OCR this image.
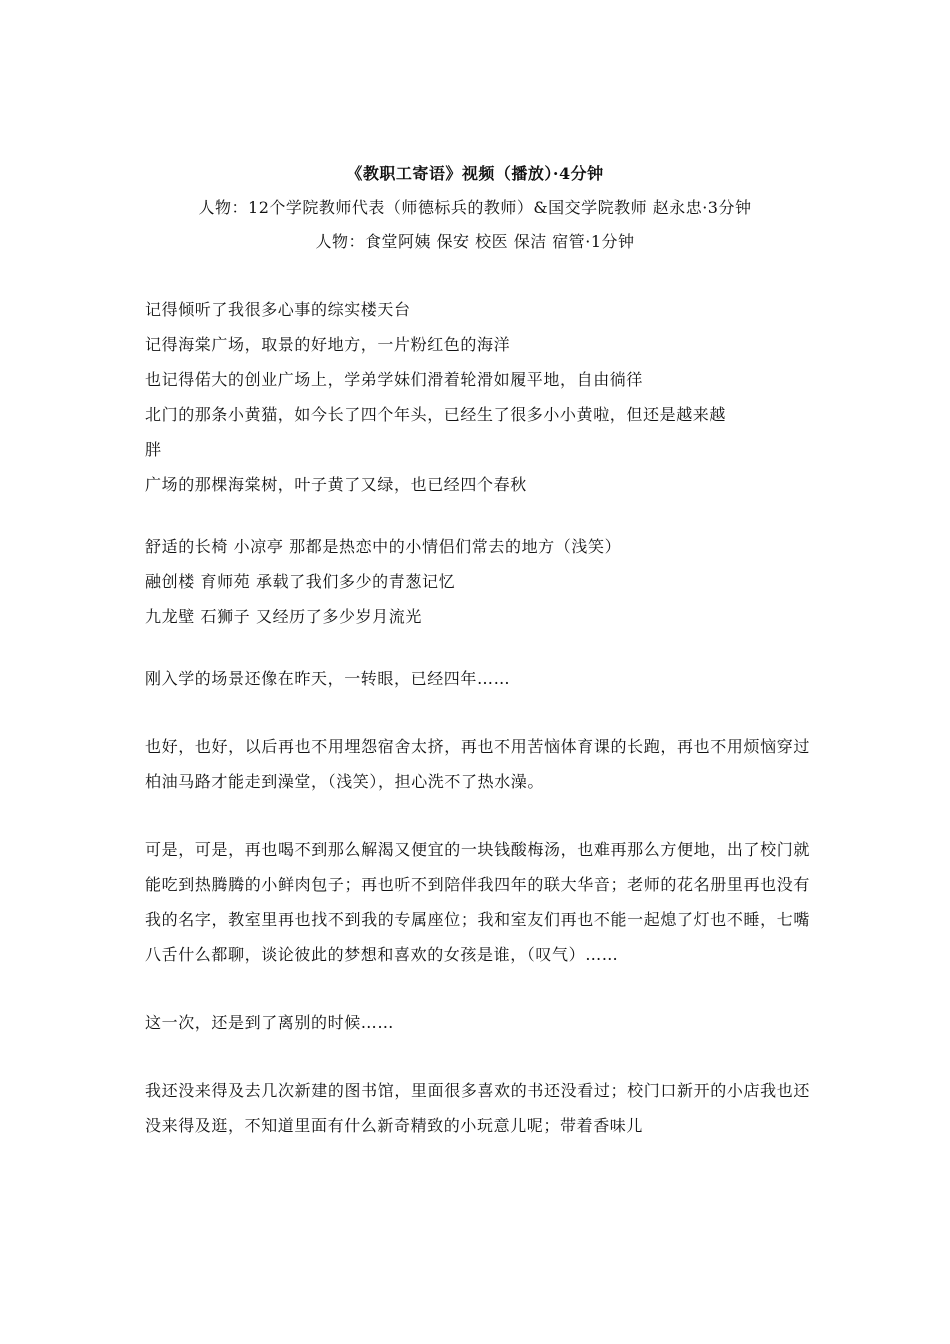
《教职工寄语》视频（播放）·4分钟
人物：12个学院教师代表（师德标兵的教师）&国交学院教师 赵永忠·3分钟
人物：食堂阿姨 保安 校医 保洁 宿管·1分钟
记得倾听了我很多心事的综实楼天台
记得海棠广场，取景的好地方，一片粉红色的海洋
也记得偌大的创业广场上，学弟学妹们滑着轮滑如履平地，自由徜徉
北门的那条小黄猫，如今长了四个年头，已经生了很多小小黄啦，但还是越来越
胖
广场的那棵海棠树，叶子黄了又绿，也已经四个春秋
舒适的长椅 小凉亭 那都是热恋中的小情侣们常去的地方（浅笑）
融创楼 育师苑 承载了我们多少的青葱记忆
九龙壁 石狮子 又经历了多少岁月流光
刚入学的场景还像在昨天，一转眼，已经四年……
也好，也好，以后再也不用埋怨宿舍太挤，再也不用苦恼体育课的长跑，再也不用烦恼穿过柏油马路才能走到澡堂，（浅笑），担心洗不了热水澡。
可是，可是，再也喝不到那么解渴又便宜的一块钱酸梅汤，也难再那么方便地，出了校门就能吃到热腾腾的小鲜肉包子；再也听不到陪伴我四年的联大华音；老师的花名册里再也没有我的名字，教室里再也找不到我的专属座位；我和室友们再也不能一起熄了灯也不睡，七嘴八舌什么都聊，谈论彼此的梦想和喜欢的女孩是谁，（叹气）……
这一次，还是到了离别的时候……
我还没来得及去几次新建的图书馆，里面很多喜欢的书还没看过；校门口新开的小店我也还没来得及逛，不知道里面有什么新奇精致的小玩意儿呢；带着香味儿
